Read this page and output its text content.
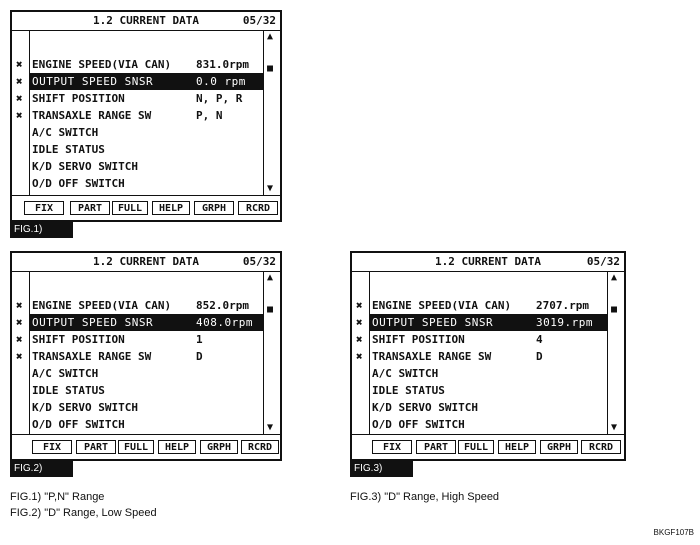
1.2 CURRENT DATA	05/32
✖
✖
✖
✖
ENGINE SPEED(VIA CAN) 831.0rpm
OUTPUT SPEED SNSR	0.0 rpm
SHIFT POSITION	N, P, R
TRANSAXLE RANGE SW	P, N
A/C SWITCH
IDLE STATUS
K/D SERVO SWITCH
O/D OFF SWITCH
▲
■
▼
FIX	PART	FULL	HELP	GRPH	RCRD
FIG.1)
1.2 CURRENT DATA	05/32
✖
✖
✖
✖
ENGINE SPEED(VIA CAN) 852.0rpm
OUTPUT SPEED SNSR	408.0rpm
SHIFT POSITION	1
TRANSAXLE RANGE SW	D
A/C SWITCH
IDLE STATUS
K/D SERVO SWITCH
O/D OFF SWITCH
▲
■
▼
FIX	PART	FULL	HELP	GRPH	RCRD
FIG.2)
1.2 CURRENT DATA	05/32
✖
✖
✖
✖
ENGINE SPEED(VIA CAN) 2707.rpm
OUTPUT SPEED SNSR	3019.rpm
SHIFT POSITION	4
TRANSAXLE RANGE SW	D
A/C SWITCH
IDLE STATUS
K/D SERVO SWITCH
O/D OFF SWITCH
▲
■
▼
FIX	PART	FULL	HELP	GRPH	RCRD
FIG.3)
FIG.1) "P,N" Range
FIG.2) "D" Range, Low Speed
FIG.3) "D" Range, High Speed
BKGF107B
